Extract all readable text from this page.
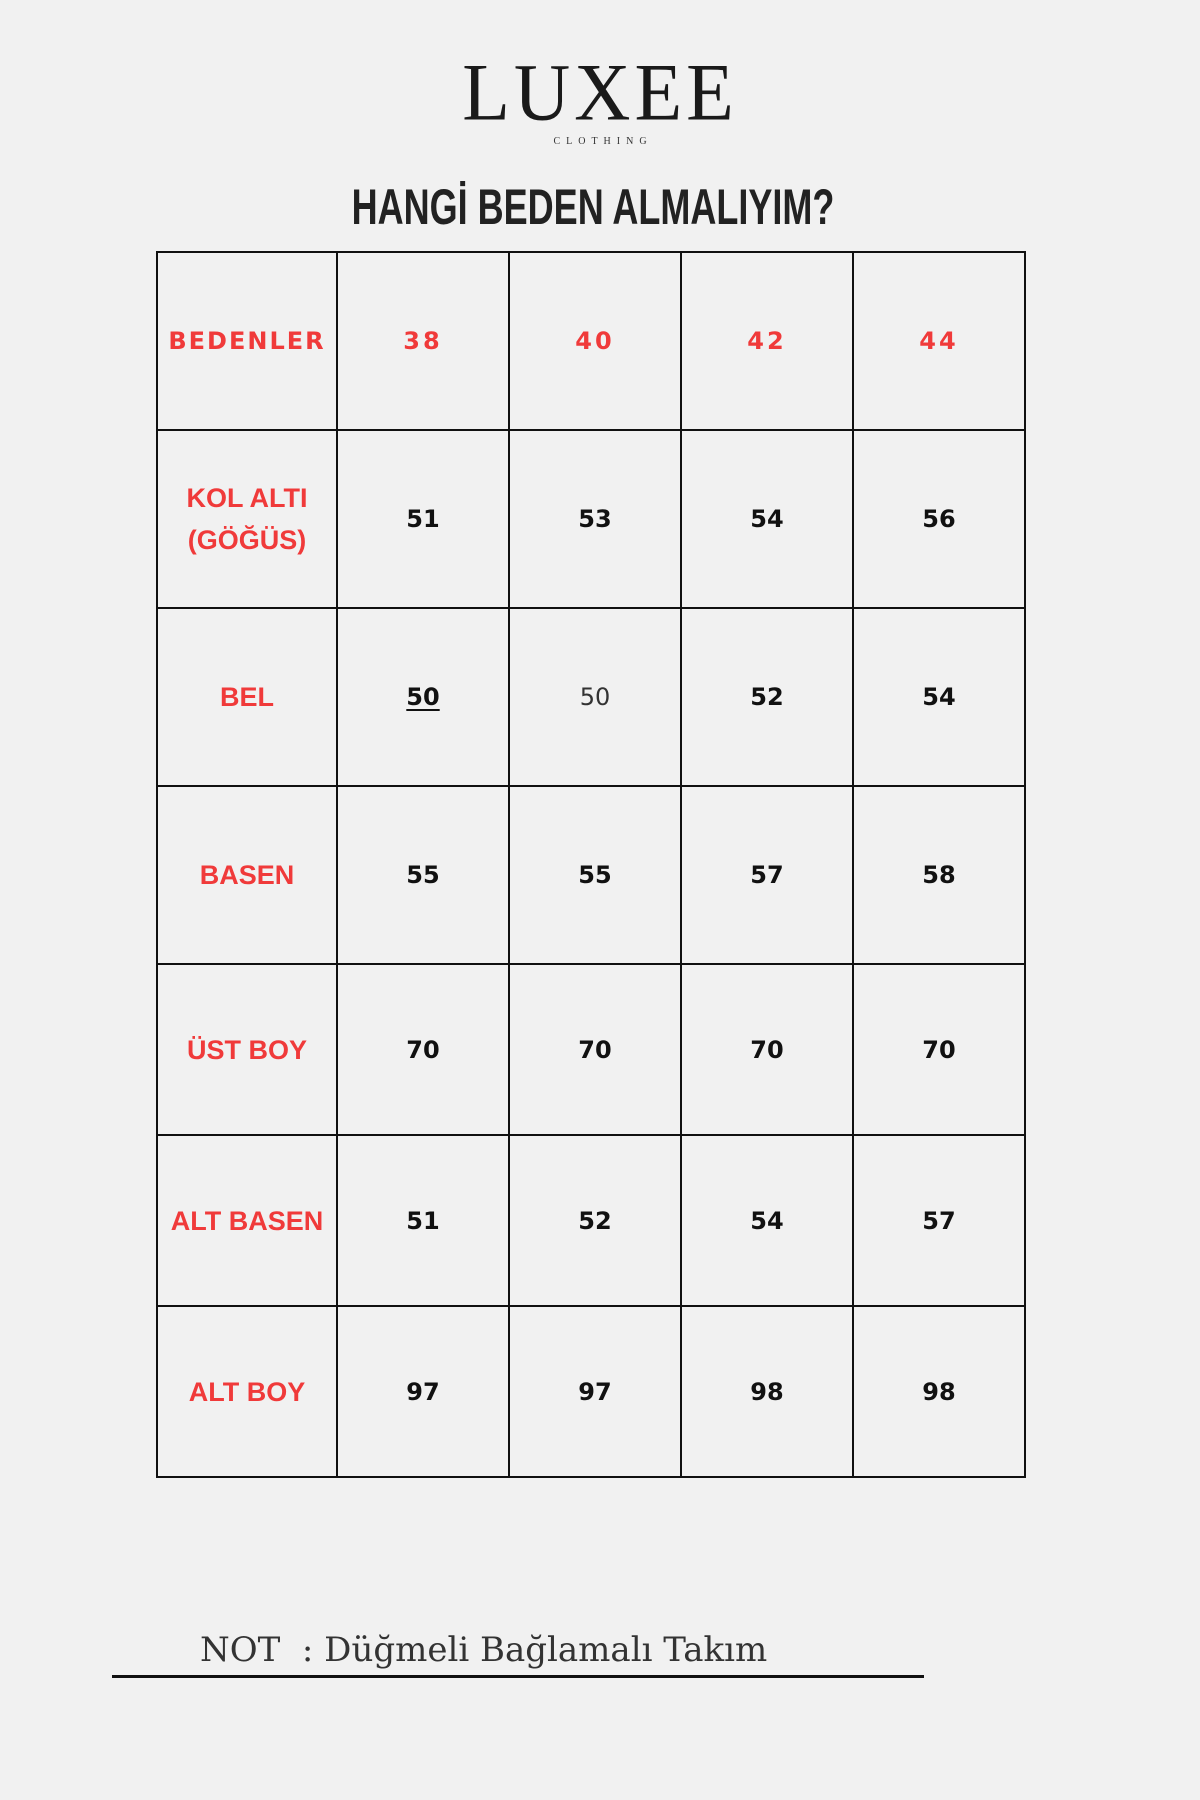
LUXEE
CLOTHING
HANGİ BEDEN ALMALIYIM?
BEDENLER	38	40	42	44
KOL ALTI (GÖĞÜS)	51	53	54	56
BEL	50	50	52	54
BASEN	55	55	57	58
ÜST BOY	70	70	70	70
ALT BASEN	51	52	54	57
ALT BOY	97	97	98	98
NOT  : Düğmeli Bağlamalı Takım
